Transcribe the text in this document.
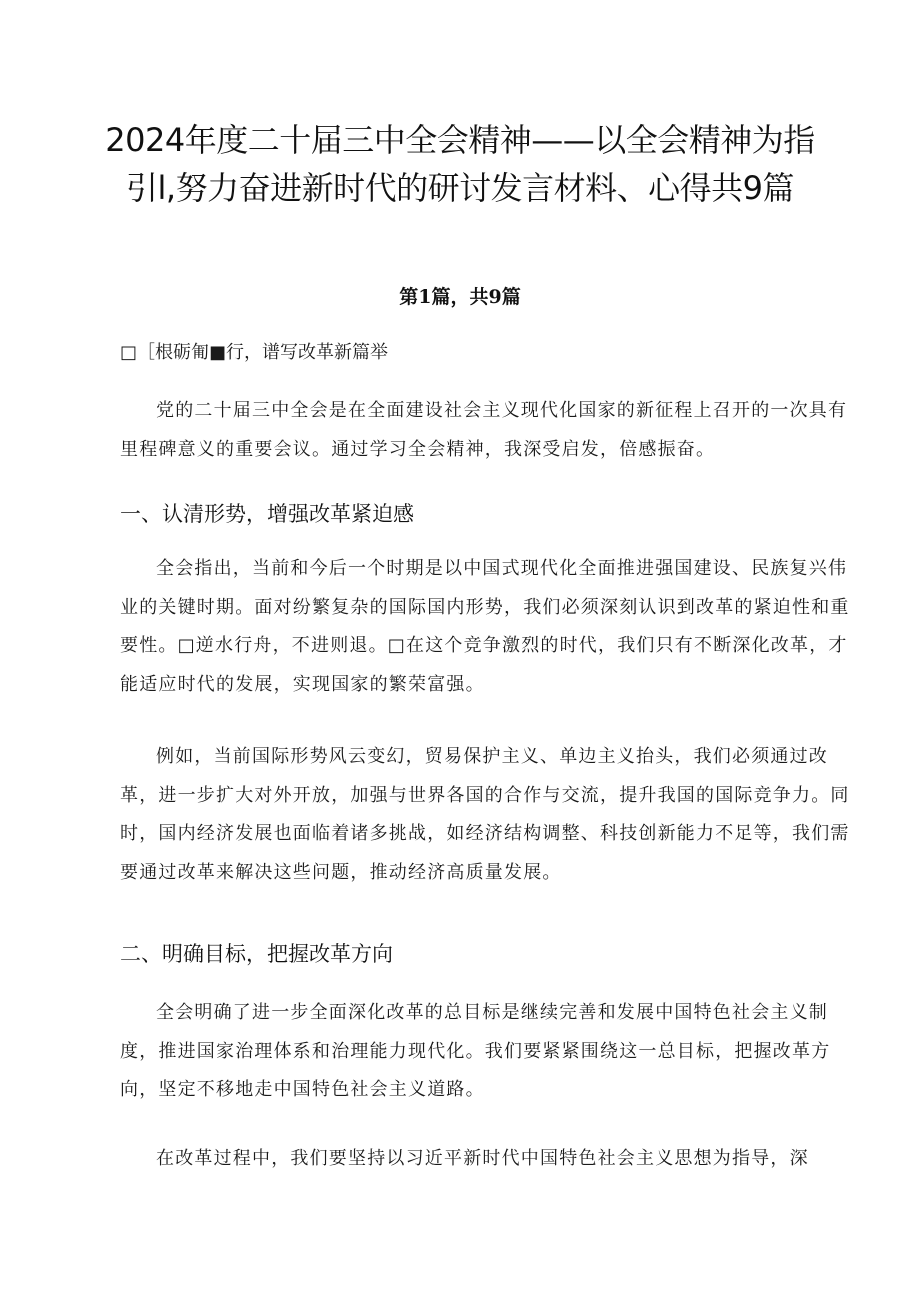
2024年度二十届三中全会精神——以全会精神为指
引l,努力奋进新时代的研讨发言材料、心得共9篇
第1篇，共9篇
□［根砺匍■行，谱写改革新篇举

党的二十届三中全会是在全面建设社会主义现代化国家的新征程上召开的一次具有里程碑意义的重要会议。通过学习全会精神，我深受启发，倍感振奋。

一、认清形势，增强改革紧迫感

全会指出，当前和今后一个时期是以中国式现代化全面推进强国建设、民族复兴伟业的关键时期。面对纷繁复杂的国际国内形势，我们必须深刻认识到改革的紧迫性和重要性。□逆水行舟，不进则退。□在这个竞争激烈的时代，我们只有不断深化改革，才能适应时代的发展，实现国家的繁荣富强。

例如，当前国际形势风云变幻，贸易保护主义、单边主义抬头，我们必须通过改革，进一步扩大对外开放，加强与世界各国的合作与交流，提升我国的国际竞争力。同时，国内经济发展也面临着诸多挑战，如经济结构调整、科技创新能力不足等，我们需要通过改革来解决这些问题，推动经济高质量发展。

二、明确目标，把握改革方向

全会明确了进一步全面深化改革的总目标是继续完善和发展中国特色社会主义制度，推进国家治理体系和治理能力现代化。我们要紧紧围绕这一总目标，把握改革方向，坚定不移地走中国特色社会主义道路。

在改革过程中，我们要坚持以习近平新时代中国特色社会主义思想为指导，深
